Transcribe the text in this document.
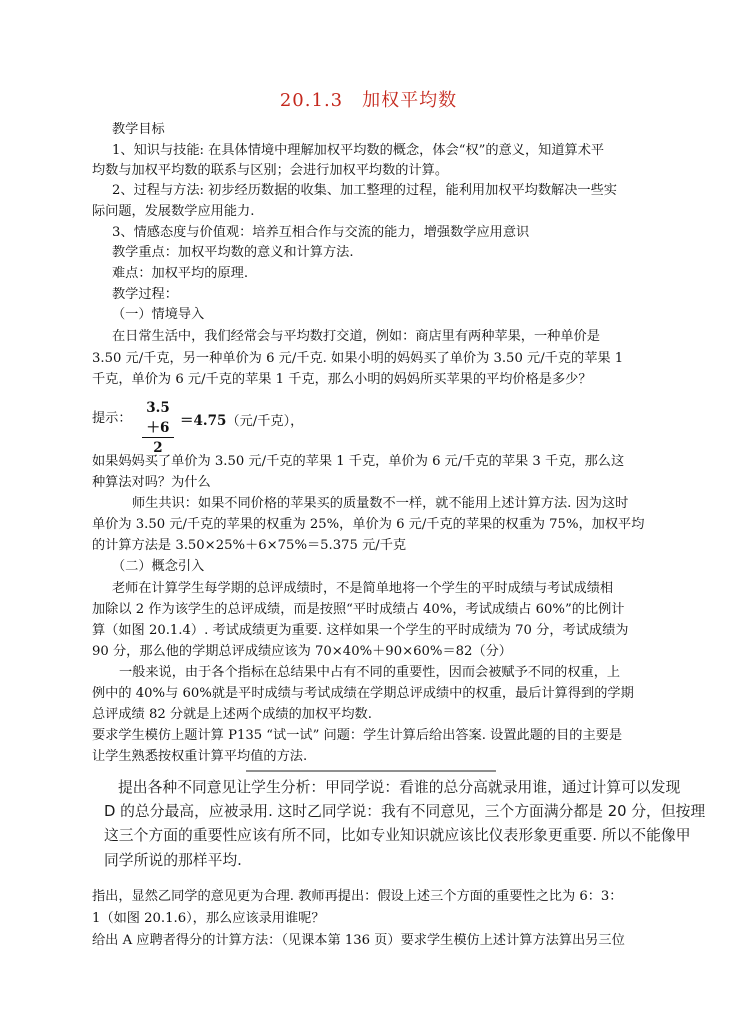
20.1.3　加权平均数
教学目标
1、知识与技能: 在具体情境中理解加权平均数的概念，体会“权”的意义，知道算术平
均数与加权平均数的联系与区别；会进行加权平均数的计算。
2、过程与方法: 初步经历数据的收集、加工整理的过程，能利用加权平均数解决一些实
际问题，发展数学应用能力.
3、情感态度与价值观：培养互相合作与交流的能力，增强数学应用意识
教学重点：加权平均数的意义和计算方法.
难点：加权平均的原理.
教学过程：
（一）情境导入
在日常生活中，我们经常会与平均数打交道，例如：商店里有两种苹果，一种单价是
3.50 元/千克，另一种单价为 6 元/千克. 如果小明的妈妈买了单价为 3.50 元/千克的苹果 1
千克，单价为 6 元/千克的苹果 1 千克，那么小明的妈妈所买苹果的平均价格是多少？
提示： $\frac{3.5+6}{2} =4.75$（元/千克），
如果妈妈买了单价为 3.50 元/千克的苹果 1 千克，单价为 6 元/千克的苹果 3 千克，那么这
种算法对吗？为什么
师生共识：如果不同价格的苹果买的质量数不一样，就不能用上述计算方法. 因为这时
单价为 3.50 元/千克的苹果的权重为 25%，单价为 6 元/千克的苹果的权重为 75%，加权平均
的计算方法是 3.50×25%＋6×75%＝5.375 元/千克
（二）概念引入
老师在计算学生每学期的总评成绩时，不是简单地将一个学生的平时成绩与考试成绩相
加除以 2 作为该学生的总评成绩，而是按照“平时成绩占 40%，考试成绩占 60%”的比例计
算（如图 20.1.4）. 考试成绩更为重要. 这样如果一个学生的平时成绩为 70 分，考试成绩为
90 分，那么他的学期总评成绩应该为 70×40%＋90×60%＝82（分）
一般来说，由于各个指标在总结果中占有不同的重要性，因而会被赋予不同的权重，上
例中的 40%与 60%就是平时成绩与考试成绩在学期总评成绩中的权重，最后计算得到的学期
总评成绩 82 分就是上述两个成绩的加权平均数.
要求学生模仿上题计算 P135 “试一试” 问题：学生计算后给出答案. 设置此题的目的主要是
让学生熟悉按权重计算平均值的方法.
提出各种不同意见让学生分析：甲同学说：看谁的总分高就录用谁，通过计算可以发现
D 的总分最高，应被录用. 这时乙同学说：我有不同意见，三个方面满分都是 20 分，但按理
这三个方面的重要性应该有所不同，比如专业知识就应该比仪表形象更重要. 所以不能像甲
同学所说的那样平均.
指出，显然乙同学的意见更为合理. 教师再提出：假设上述三个方面的重要性之比为 6：3：
1（如图 20.1.6），那么应该录用谁呢？
给出 A 应聘者得分的计算方法：（见课本第 136 页）要求学生模仿上述计算方法算出另三位
